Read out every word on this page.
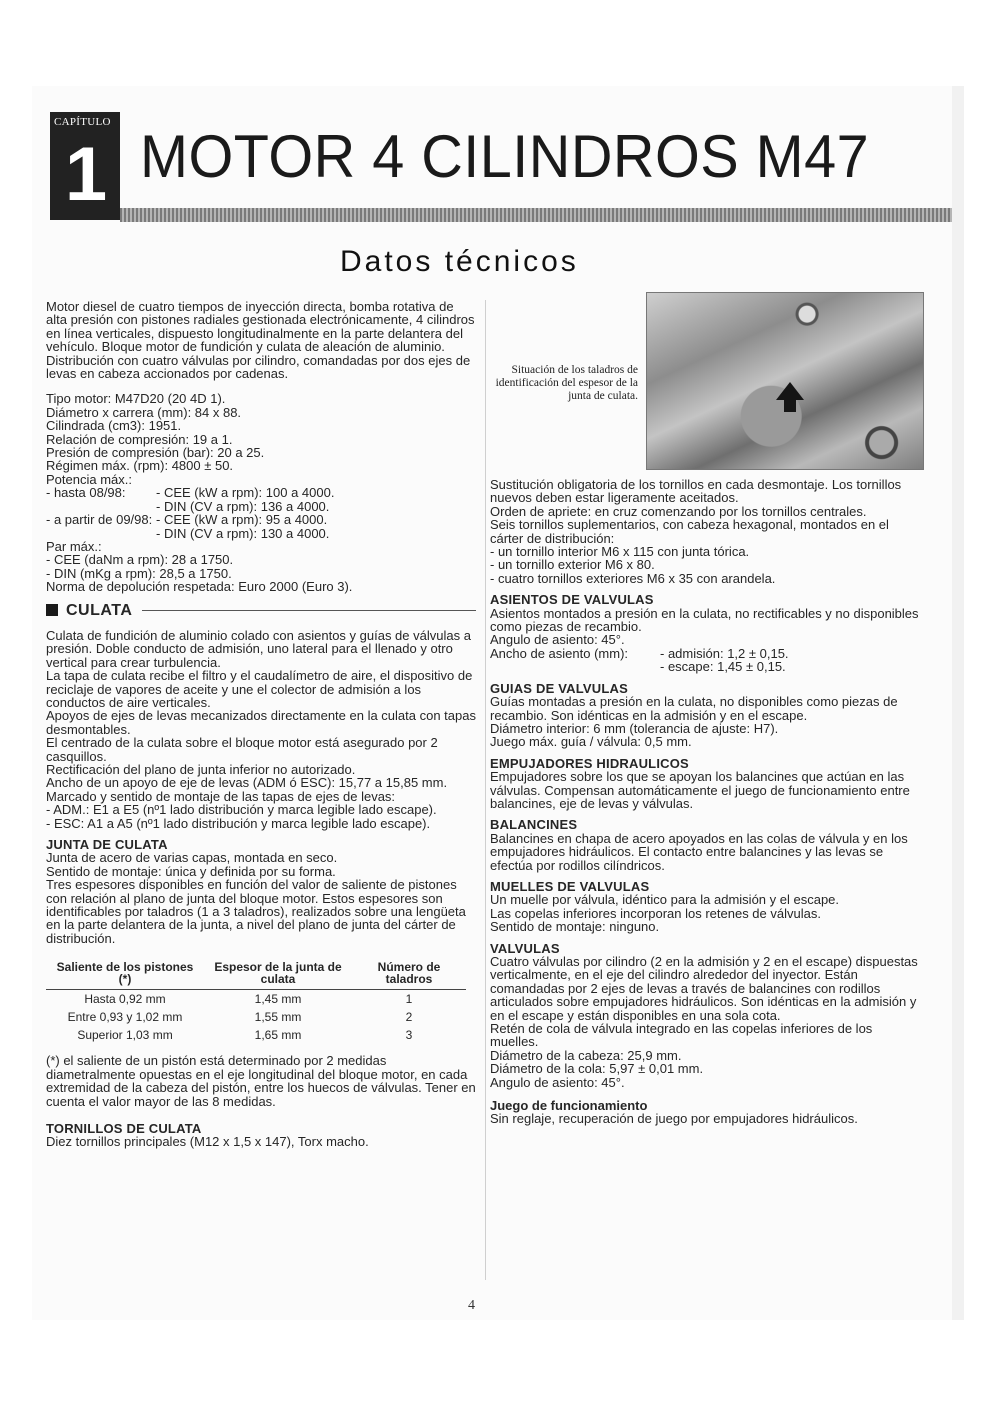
CAPÍTULO
1 MOTOR 4 CILINDROS M47
Datos técnicos

Motor diesel de cuatro tiempos de inyección directa, bomba rotativa de alta presión con pistones radiales gestionada electrónicamente, 4 cilindros en línea verticales, dispuesto longitudinalmente en la parte delantera del vehículo. Bloque motor de fundición y culata de aleación de aluminio. Distribución con cuatro válvulas por cilindro, comandadas por dos ejes de levas en cabeza accionados por cadenas.

Tipo motor: M47D20 (20 4D 1).

Diámetro x carrera (mm): 84 x 88.

Cilindrada (cm3): 1951.

Relación de compresión: 19 a 1.

Presión de compresión (bar): 20 a 25.

Régimen máx. (rpm): 4800 ± 50.

Potencia máx.:

- hasta 08/98:	- CEE (kW a rpm): 100 a 4000.
- DIN (CV a rpm): 136 a 4000.
- a partir de 09/98: - CEE (kW a rpm): 95 a 4000.
- DIN (CV a rpm): 130 a 4000.

Par máx.:

- CEE (daNm a rpm): 28 a 1750.

- DIN (mKg a rpm): 28,5 a 1750.

Norma de depolución respetada: Euro 2000 (Euro 3).

CULATA

Culata de fundición de aluminio colado con asientos y guías de válvulas a presión. Doble conducto de admisión, uno lateral para el llenado y otro vertical para crear turbulencia.

La tapa de culata recibe el filtro y el caudalímetro de aire, el dispositivo de reciclaje de vapores de aceite y une el colector de admisión a los conductos de aire verticales.

Apoyos de ejes de levas mecanizados directamente en la culata con tapas desmontables.

El centrado de la culata sobre el bloque motor está asegurado por 2 casquillos.

Rectificación del plano de junta inferior no autorizado.

Ancho de un apoyo de eje de levas (ADM ó ESC): 15,77 a 15,85 mm.

Marcado y sentido de montaje de las tapas de ejes de levas:

- ADM.: E1 a E5 (nº1 lado distribución y marca legible lado escape).

- ESC: A1 a A5 (nº1 lado distribución y marca legible lado escape).

JUNTA DE CULATA

Junta de acero de varias capas, montada en seco.

Sentido de montaje: única y definida por su forma.

Tres espesores disponibles en función del valor de saliente de pistones con relación al plano de junta del bloque motor. Estos espesores son identificables por taladros (1 a 3 taladros), realizados sobre una lengüeta en la parte delantera de la junta, a nivel del plano de junta del cárter de distribución.

Saliente de los pistones (*)	Espesor de la junta de culata	Número de taladros
Hasta 0,92 mm	1,45 mm	1
Entre 0,93 y 1,02 mm	1,55 mm	2
Superior 1,03 mm	1,65 mm	3

(*) el saliente de un pistón está determinado por 2 medidas diametralmente opuestas en el eje longitudinal del bloque motor, en cada extremidad de la cabeza del pistón, entre los huecos de válvulas. Tener en cuenta el valor mayor de las 8 medidas.

TORNILLOS DE CULATA

Diez tornillos principales (M12 x 1,5 x 147), Torx macho.

Situación de los taladros de identificación del espesor de la junta de culata.

Sustitución obligatoria de los tornillos en cada desmontaje. Los tornillos nuevos deben estar ligeramente aceitados.

Orden de apriete: en cruz comenzando por los tornillos centrales.

Seis tornillos suplementarios, con cabeza hexagonal, montados en el cárter de distribución:

- un tornillo interior M6 x 115 con junta tórica.

- un tornillo exterior M6 x 80.

- cuatro tornillos exteriores M6 x 35 con arandela.

ASIENTOS DE VALVULAS

Asientos montados a presión en la culata, no rectificables y no disponibles como piezas de recambio.

Angulo de asiento: 45°.

Ancho de asiento (mm):	- admisión: 1,2 ± 0,15.
- escape: 1,45 ± 0,15.

GUIAS DE VALVULAS

Guías montadas a presión en la culata, no disponibles como piezas de recambio. Son idénticas en la admisión y en el escape.

Diámetro interior: 6 mm (tolerancia de ajuste: H7).

Juego máx. guía / válvula: 0,5 mm.

EMPUJADORES HIDRAULICOS

Empujadores sobre los que se apoyan los balancines que actúan en las válvulas. Compensan automáticamente el juego de funcionamiento entre balancines, eje de levas y válvulas.

BALANCINES

Balancines en chapa de acero apoyados en las colas de válvula y en los empujadores hidráulicos. El contacto entre balancines y las levas se efectúa por rodillos cilíndricos.

MUELLES DE VALVULAS

Un muelle por válvula, idéntico para la admisión y el escape.

Las copelas inferiores incorporan los retenes de válvulas.

Sentido de montaje: ninguno.

VALVULAS

Cuatro válvulas por cilindro (2 en la admisión y 2 en el escape) dispuestas verticalmente, en el eje del cilindro alrededor del inyector. Están comandadas por 2 ejes de levas a través de balancines con rodillos articulados sobre empujadores hidráulicos. Son idénticas en la admisión y en el escape y están disponibles en una sola cota.

Retén de cola de válvula integrado en las copelas inferiores de los muelles.

Diámetro de la cabeza: 25,9 mm.

Diámetro de la cola: 5,97 ± 0,01 mm.

Angulo de asiento: 45°.

Juego de funcionamiento

Sin reglaje, recuperación de juego por empujadores hidráulicos.

4
